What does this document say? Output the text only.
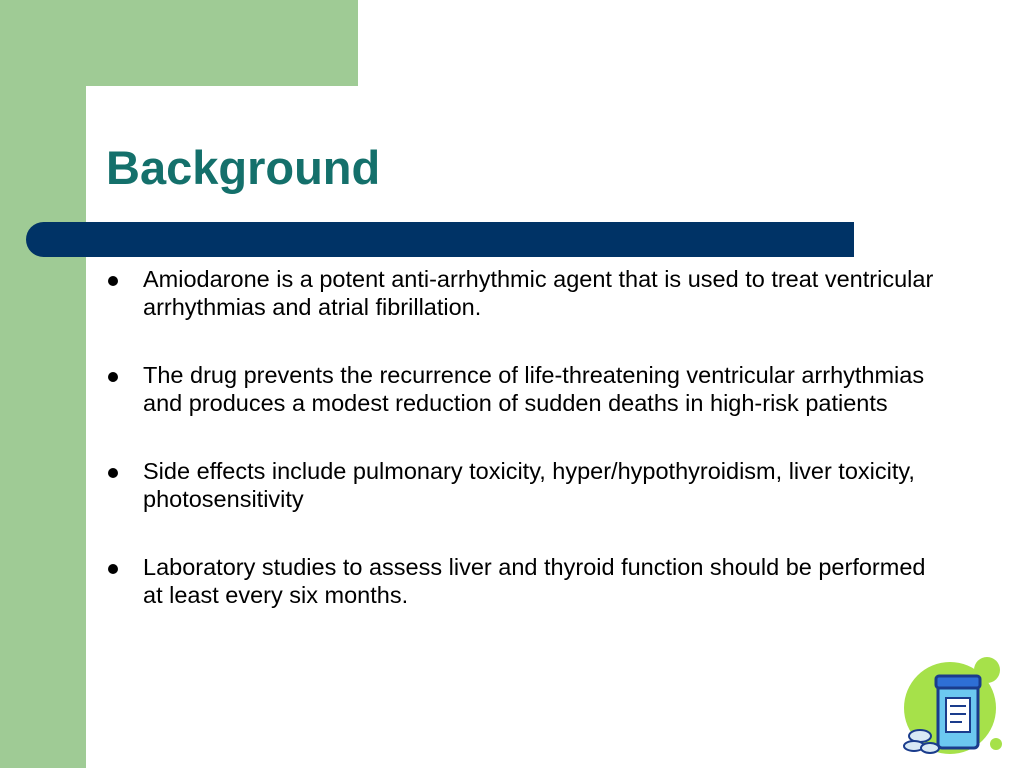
Background
Amiodarone is a potent anti-arrhythmic agent that is used to treat ventricular arrhythmias and atrial fibrillation.
The drug prevents the recurrence of life-threatening ventricular arrhythmias and produces a modest reduction of sudden deaths in high-risk patients
Side effects include pulmonary toxicity, hyper/hypothyroidism, liver toxicity, photosensitivity
Laboratory studies to assess liver and thyroid function should be performed at least every six months.
